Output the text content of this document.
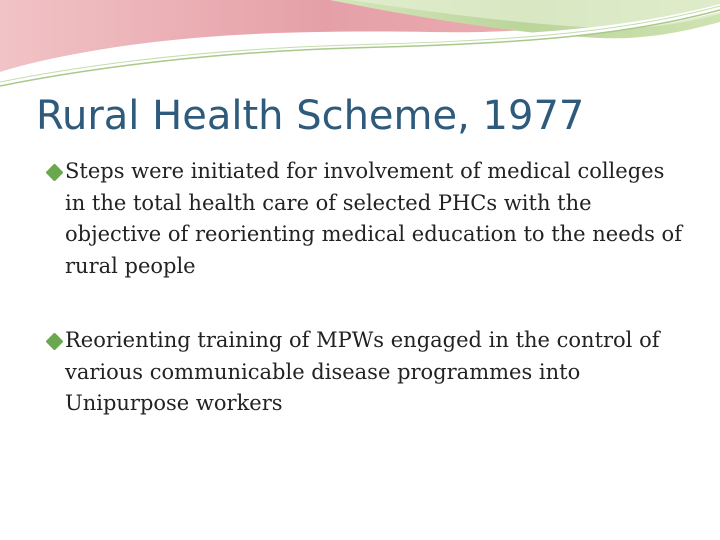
Rural Health Scheme, 1977
Steps were initiated for involvement of medical colleges in the total health care of selected PHCs with the objective of reorienting medical education to the needs of rural people
Reorienting training of MPWs engaged in the control of various communicable disease programmes into Unipurpose workers
